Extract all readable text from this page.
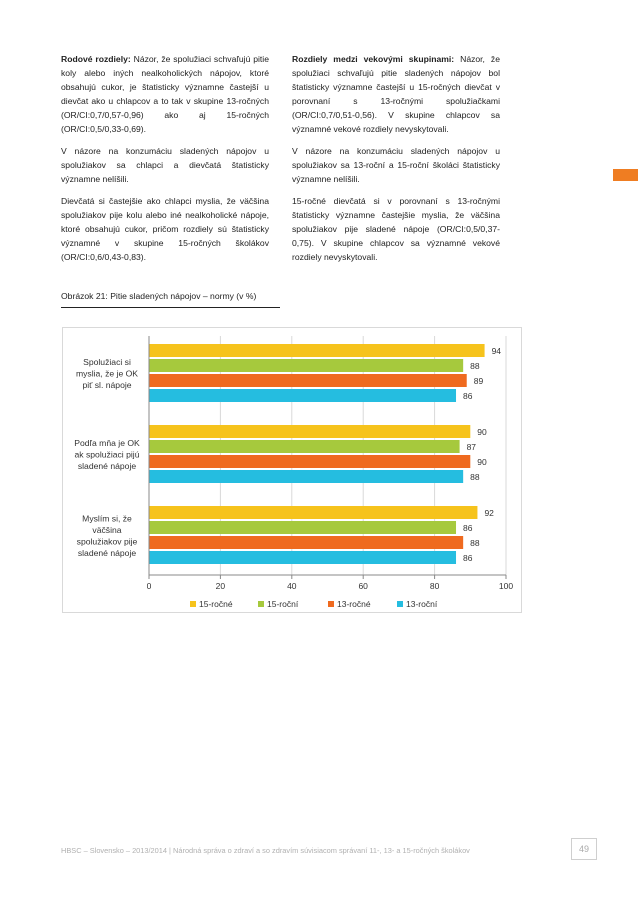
Rodové rozdiely: Názor, že spolužiaci schvaľujú pitie koly alebo iných nealkoholických nápojov, ktoré obsahujú cukor, je štatisticky významne častejší u dievčat ako u chlapcov a to tak v skupine 13-ročných (OR/CI:0,7/0,57-0,96) ako aj 15-ročných (OR/CI:0,5/0,33-0,69).

V názore na konzumáciu sladených nápojov u spolužiakov sa chlapci a dievčatá štatisticky významne nelíšili.

Dievčatá si častejšie ako chlapci myslia, že väčšina spolužiakov pije kolu alebo iné nealkoholické nápoje, ktoré obsahujú cukor, pričom rozdiely sú štatisticky významné v skupine 15-ročných školákov (OR/CI:0,6/0,43-0,83).

Rozdiely medzi vekovými skupinami: Názor, že spolužiaci schvaľujú pitie sladených nápojov bol štatisticky významne častejší u 15-ročných dievčat v porovnaní s 13-ročnými spolužiačkami (OR/CI:0,7/0,51-0,56). V skupine chlapcov sa významné vekové rozdiely nevyskytovali.

V názore na konzumáciu sladených nápojov u spolužiakov sa 13-roční a 15-roční školáci štatisticky významne nelíšili.

15-ročné dievčatá si v porovnaní s 13-ročnými štatisticky významne častejšie myslia, že väčšina spolužiakov pije sladené nápoje (OR/CI:0,5/0,37-0,75). V skupine chlapcov sa významné vekové rozdiely nevyskytovali.

Obrázok 21: Pitie sladených nápojov – normy (v %)
94
88
89
86
Spolužiaci si myslia, že je OK piť sl. nápoje
90
87
90
88
Podľa mňa je OK ak spolužiaci pijú sladené nápoje
92
86
88
86
Myslím si, že väčšina spolužiakov pije sladené nápoje
0	20	40	60	80	100
15-ročné	15-roční	13-ročné	13-roční
HBSC – Slovensko – 2013/2014 | Národná správa o zdraví a so zdravím súvisiacom správaní 11-, 13- a 15-ročných školákov	49
